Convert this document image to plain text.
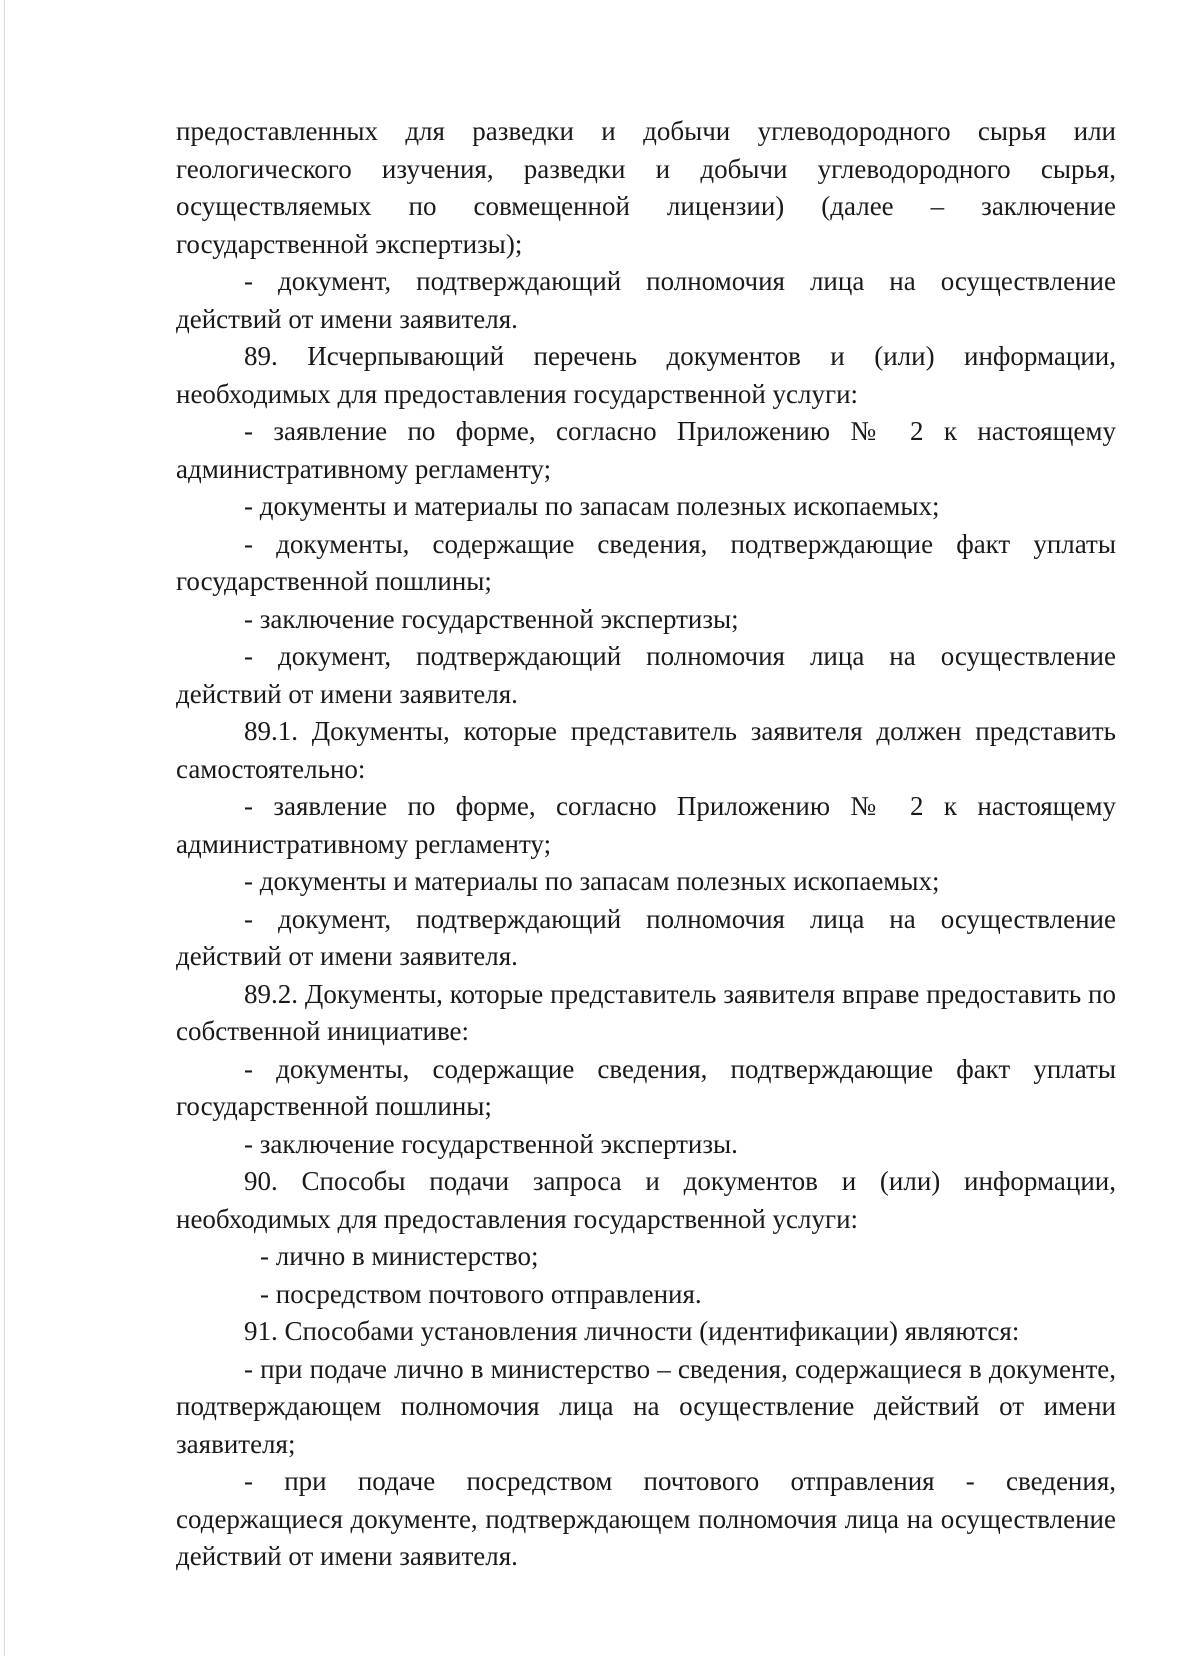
предоставленных для разведки и добычи углеводородного сырья или геологического изучения, разведки и добычи углеводородного сырья, осуществляемых по совмещенной лицензии) (далее – заключение государственной экспертизы);

- документ, подтверждающий полномочия лица на осуществление действий от имени заявителя.

89. Исчерпывающий перечень документов и (или) информации, необходимых для предоставления государственной услуги:

- заявление по форме, согласно Приложению № 2 к настоящему административному регламенту;

- документы и материалы по запасам полезных ископаемых;

- документы, содержащие сведения, подтверждающие факт уплаты государственной пошлины;

- заключение государственной экспертизы;

- документ, подтверждающий полномочия лица на осуществление действий от имени заявителя.

89.1. Документы, которые представитель заявителя должен представить самостоятельно:

- заявление по форме, согласно Приложению № 2 к настоящему административному регламенту;

- документы и материалы по запасам полезных ископаемых;

- документ, подтверждающий полномочия лица на осуществление действий от имени заявителя.

89.2. Документы, которые представитель заявителя вправе предоставить по собственной инициативе:

- документы, содержащие сведения, подтверждающие факт уплаты государственной пошлины;

- заключение государственной экспертизы.

90. Способы подачи запроса и документов и (или) информации, необходимых для предоставления государственной услуги:

- лично в министерство;

- посредством почтового отправления.

91. Способами установления личности (идентификации) являются:

- при подаче лично в министерство – сведения, содержащиеся в документе, подтверждающем полномочия лица на осуществление действий от имени заявителя;

- при подаче посредством почтового отправления - сведения, содержащиеся документе, подтверждающем полномочия лица на осуществление действий от имени заявителя.
